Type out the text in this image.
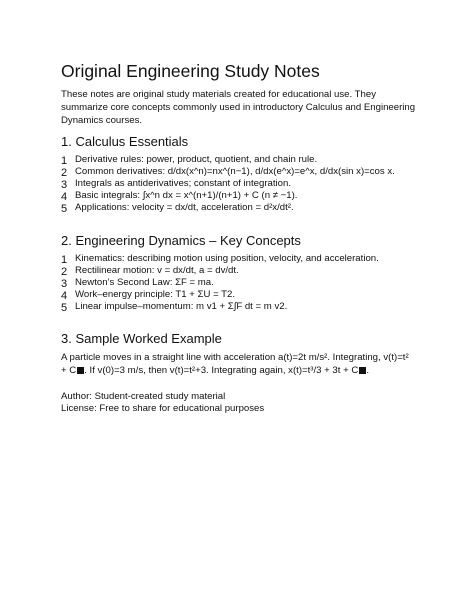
Original Engineering Study Notes
These notes are original study materials created for educational use. They summarize core concepts commonly used in introductory Calculus and Engineering Dynamics courses.
1. Calculus Essentials
1 Derivative rules: power, product, quotient, and chain rule.
2 Common derivatives: d/dx(x^n)=nx^(n−1), d/dx(e^x)=e^x, d/dx(sin x)=cos x.
3 Integrals as antiderivatives; constant of integration.
4 Basic integrals: ∫x^n dx = x^(n+1)/(n+1) + C (n ≠ −1).
5 Applications: velocity = dx/dt, acceleration = d²x/dt².
2. Engineering Dynamics – Key Concepts
1 Kinematics: describing motion using position, velocity, and acceleration.
2 Rectilinear motion: v = dx/dt, a = dv/dt.
3 Newton’s Second Law: ΣF = ma.
4 Work–energy principle: T1 + ΣU = T2.
5 Linear impulse–momentum: m v1 + Σ∫F dt = m v2.
3. Sample Worked Example
A particle moves in a straight line with acceleration a(t)=2t m/s². Integrating, v(t)=t² + C . If v(0)=3 m/s, then v(t)=t²+3. Integrating again, x(t)=t³/3 + 3t + C .
Author: Student-created study material
License: Free to share for educational purposes
